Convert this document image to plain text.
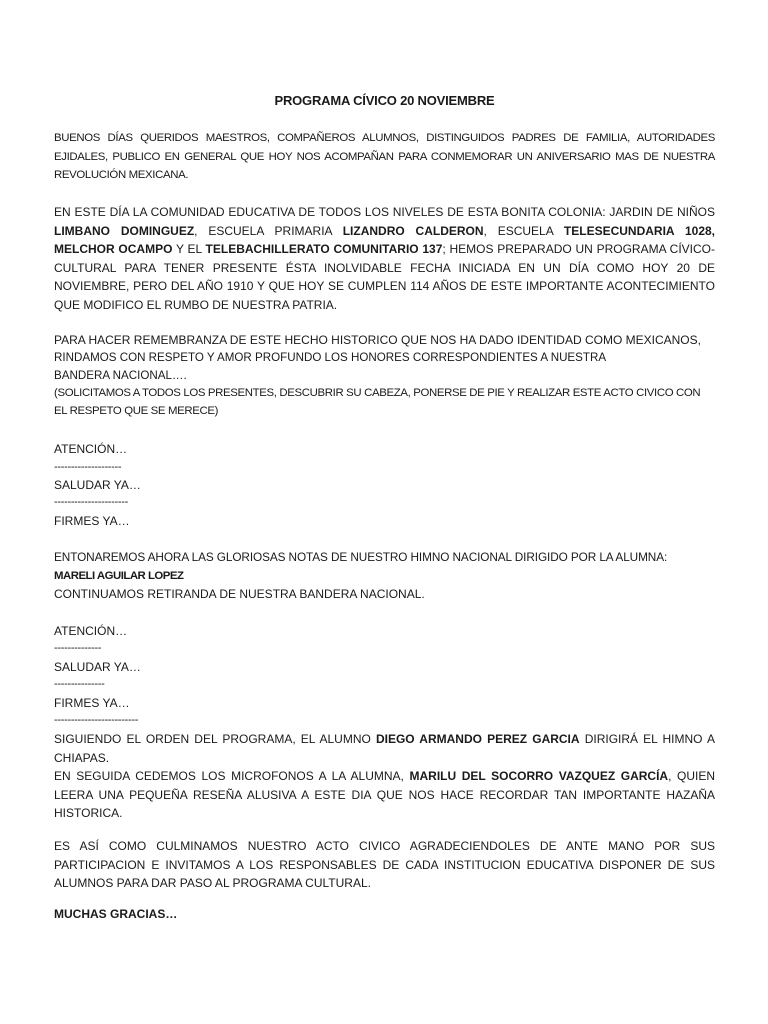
PROGRAMA CÍVICO 20 NOVIEMBRE

BUENOS DÍAS QUERIDOS MAESTROS, COMPAÑEROS ALUMNOS, DISTINGUIDOS PADRES DE FAMILIA, AUTORIDADES EJIDALES, PUBLICO EN GENERAL QUE HOY NOS ACOMPAÑAN PARA CONMEMORAR UN ANIVERSARIO MAS DE NUESTRA REVOLUCIÓN MEXICANA.

EN ESTE DÍA LA COMUNIDAD EDUCATIVA DE TODOS LOS NIVELES DE ESTA BONITA COLONIA: JARDIN DE NIÑOS LIMBANO DOMINGUEZ, ESCUELA PRIMARIA LIZANDRO CALDERON, ESCUELA TELESECUNDARIA 1028, MELCHOR OCAMPO Y EL TELEBACHILLERATO COMUNITARIO 137; HEMOS PREPARADO UN PROGRAMA CÍVICO-CULTURAL PARA TENER PRESENTE ÉSTA INOLVIDABLE FECHA INICIADA EN UN DÍA COMO HOY 20 DE NOVIEMBRE, PERO DEL AÑO 1910 Y QUE HOY SE CUMPLEN 114 AÑOS DE ESTE IMPORTANTE ACONTECIMIENTO QUE MODIFICO EL RUMBO DE NUESTRA PATRIA.

PARA HACER REMEMBRANZA DE ESTE HECHO HISTORICO QUE NOS HA DADO IDENTIDAD COMO MEXICANOS,

RINDAMOS CON RESPETO Y AMOR PROFUNDO LOS HONORES CORRESPONDIENTES A NUESTRA

BANDERA NACIONAL….

(SOLICITAMOS A TODOS LOS PRESENTES, DESCUBRIR SU CABEZA, PONERSE DE PIE Y REALIZAR ESTE ACTO CIVICO CON EL RESPETO QUE SE MERECE)

ATENCIÓN…

--------------------

SALUDAR YA…

----------------------

FIRMES YA…

ENTONAREMOS AHORA LAS GLORIOSAS NOTAS DE NUESTRO HIMNO NACIONAL DIRIGIDO POR LA ALUMNA:

MARELI AGUILAR LOPEZ

CONTINUAMOS RETIRANDA DE NUESTRA BANDERA NACIONAL.

ATENCIÓN…

--------------

SALUDAR YA…

---------------

FIRMES YA…

-------------------------

SIGUIENDO EL ORDEN DEL PROGRAMA, EL ALUMNO DIEGO ARMANDO PEREZ GARCIA DIRIGIRÁ EL HIMNO A CHIAPAS.

EN SEGUIDA CEDEMOS LOS MICROFONOS A LA ALUMNA, MARILU DEL SOCORRO VAZQUEZ GARCÍA, QUIEN LEERA UNA PEQUEÑA RESEÑA ALUSIVA A ESTE DIA QUE NOS HACE RECORDAR TAN IMPORTANTE HAZAÑA HISTORICA.

ES ASÍ COMO CULMINAMOS NUESTRO ACTO CIVICO AGRADECIENDOLES DE ANTE MANO POR SUS PARTICIPACION E INVITAMOS A LOS RESPONSABLES DE CADA INSTITUCION EDUCATIVA DISPONER DE SUS ALUMNOS PARA DAR PASO AL PROGRAMA CULTURAL.

MUCHAS GRACIAS…
